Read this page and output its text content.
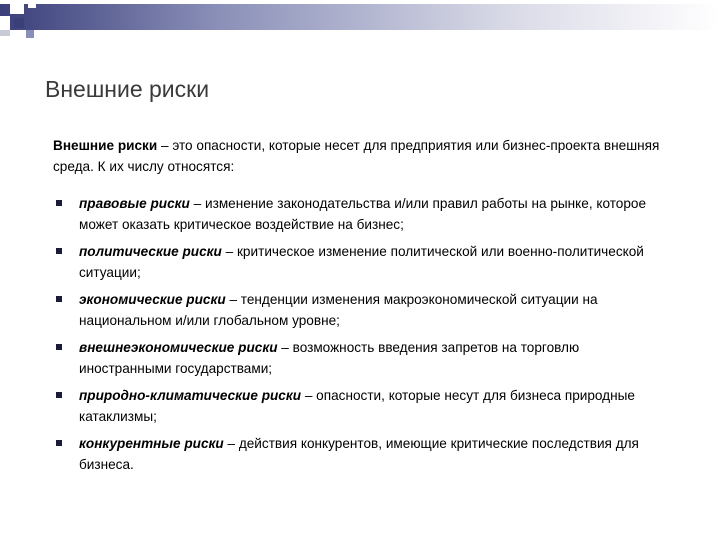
Внешние риски

Внешние риски – это опасности, которые несет для предприятия или бизнес-проекта внешняя среда. К их числу относятся:

правовые риски – изменение законодательства и/или правил работы на рынке, которое может оказать критическое воздействие на бизнес;
политические риски – критическое изменение политической или военно-политической ситуации;
экономические риски – тенденции изменения макроэкономической ситуации на национальном и/или глобальном уровне;
внешнеэкономические риски – возможность введения запретов на торговлю иностранными государствами;
природно-климатические риски – опасности, которые несут для бизнеса природные катаклизмы;
конкурентные риски – действия конкурентов, имеющие критические последствия для бизнеса.
